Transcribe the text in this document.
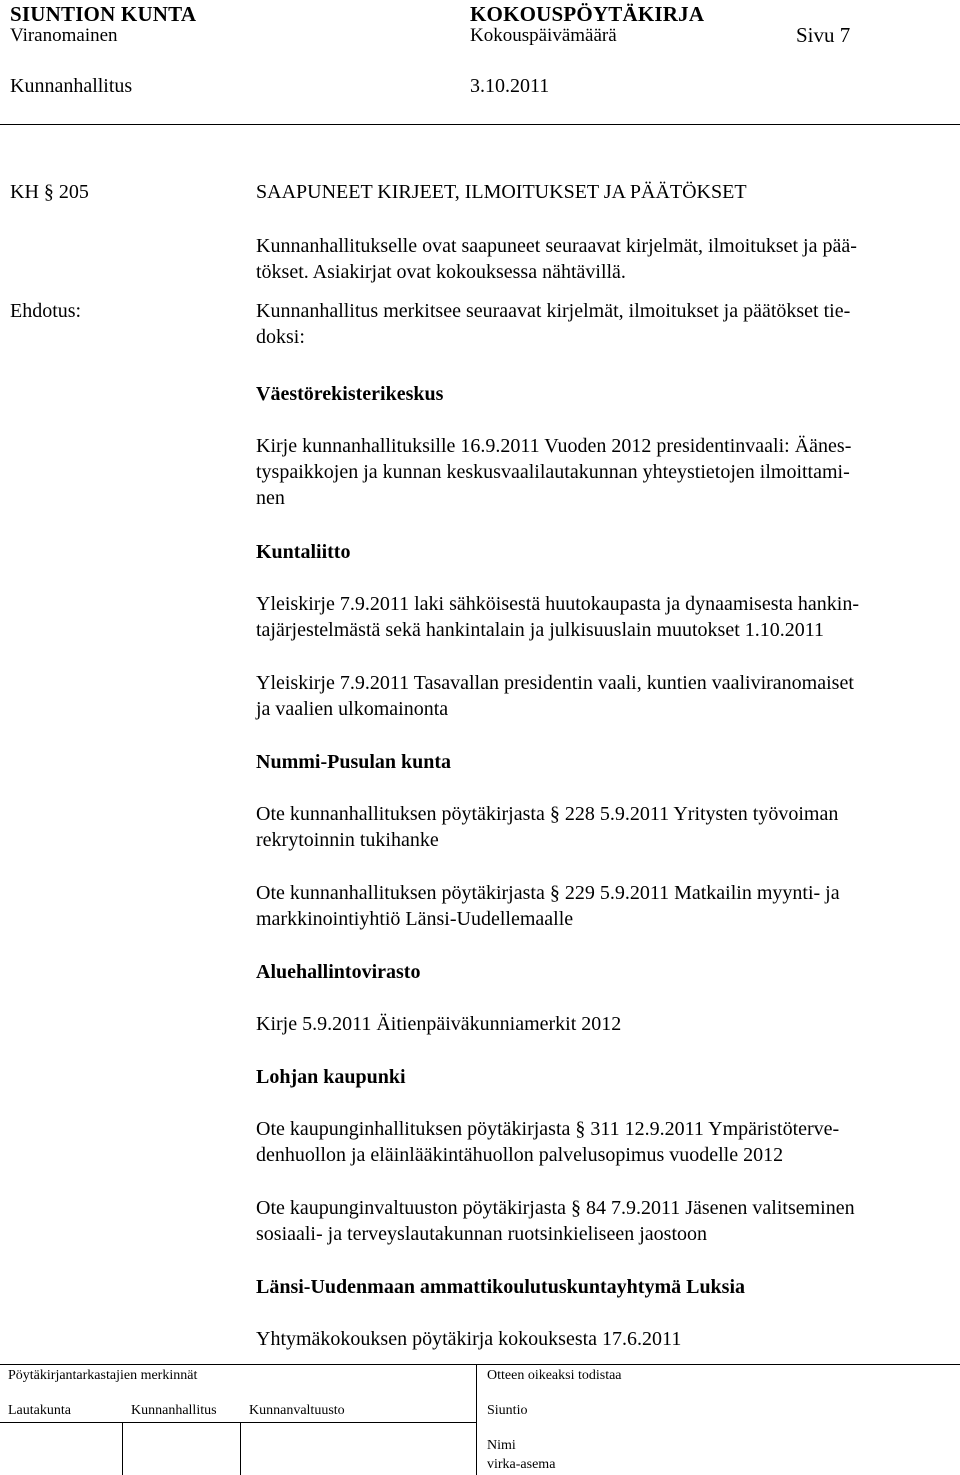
SIUNTION KUNTA	KOKOUSPÖYTÄKIRJA
Viranomainen	Kokouspäivämäärä	Sivu 7
Kunnanhallitus	3.10.2011
KH § 205	SAAPUNEET KIRJEET, ILMOITUKSET JA PÄÄTÖKSET
Kunnanhallitukselle ovat saapuneet seuraavat kirjelmät, ilmoitukset ja pää-
tökset. Asiakirjat ovat kokouksessa nähtävillä.
Ehdotus:	Kunnanhallitus merkitsee seuraavat kirjelmät, ilmoitukset ja päätökset tie-
doksi:
Väestörekisterikeskus
Kirje kunnanhallituksille 16.9.2011 Vuoden 2012 presidentinvaali: Äänes-
tyspaikkojen ja kunnan keskusvaalilautakunnan yhteystietojen ilmoittami-
nen
Kuntaliitto
Yleiskirje 7.9.2011 laki sähköisestä huutokaupasta ja dynaamisesta hankin-
tajärjestelmästä sekä hankintalain ja julkisuuslain muutokset 1.10.2011
Yleiskirje 7.9.2011 Tasavallan presidentin vaali, kuntien vaaliviranomaiset
ja vaalien ulkomainonta
Nummi-Pusulan kunta
Ote kunnanhallituksen pöytäkirjasta § 228 5.9.2011 Yritysten työvoiman
rekrytoinnin tukihanke
Ote kunnanhallituksen pöytäkirjasta § 229 5.9.2011 Matkailin myynti- ja
markkinointiyhtiö Länsi-Uudellemaalle
Aluehallintovirasto
Kirje 5.9.2011 Äitienpäiväkunniamerkit 2012
Lohjan kaupunki
Ote kaupunginhallituksen pöytäkirjasta § 311 12.9.2011 Ympäristöterve-
denhuollon ja eläinlääkintähuollon palvelusopimus vuodelle 2012
Ote kaupunginvaltuuston pöytäkirjasta § 84 7.9.2011 Jäsenen valitseminen
sosiaali- ja terveyslautakunnan ruotsinkieliseen jaostoon
Länsi-Uudenmaan ammattikoulutuskuntayhtymä Luksia
Yhtymäkokouksen pöytäkirja kokouksesta 17.6.2011
Pöytäkirjantarkastajien merkinnät	Otteen oikeaksi todistaa
Lautakunta	Kunnanhallitus Kunnanvaltuusto	Siuntio
Nimi
virka-asema
